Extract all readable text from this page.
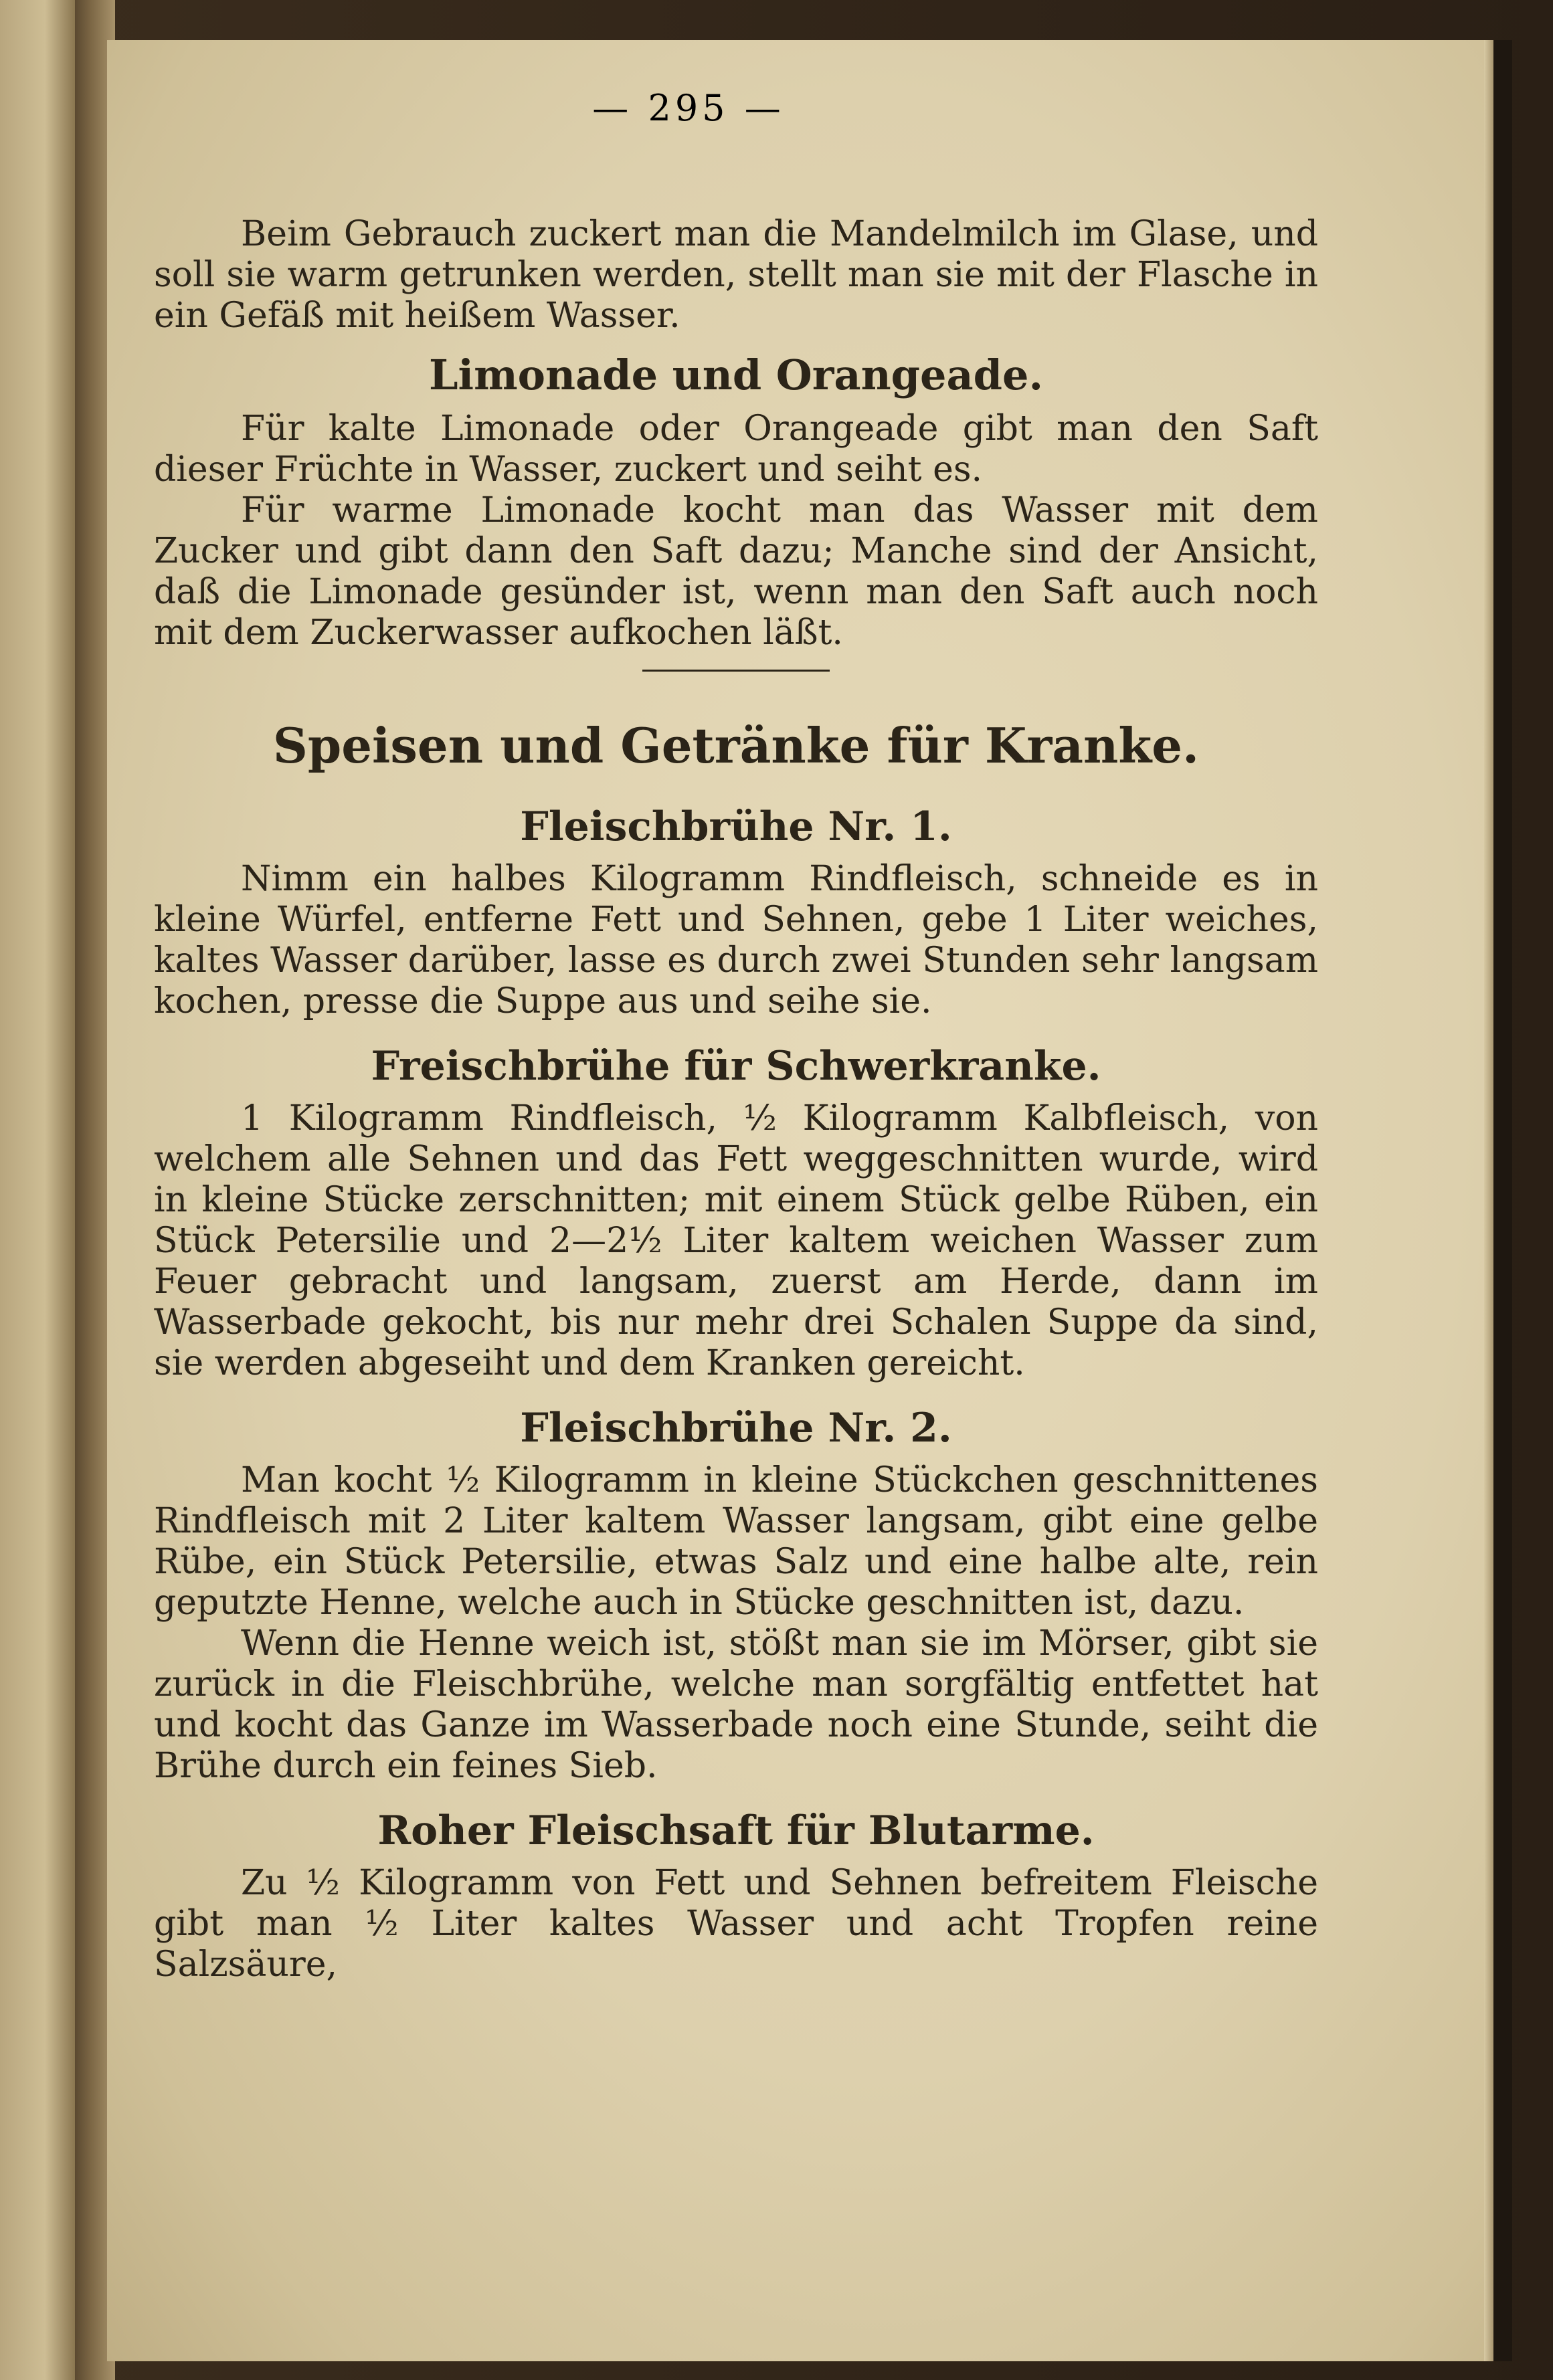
— 295 —

Beim Gebrauch zuckert man die Mandelmilch im Glase, und soll sie warm getrunken werden, stellt man sie mit der Flasche in ein Gefäß mit heißem Wasser.

Limonade und Orangeade.

Für kalte Limonade oder Orangeade gibt man den Saft dieser Früchte in Wasser, zuckert und seiht es.

Für warme Limonade kocht man das Wasser mit dem Zucker und gibt dann den Saft dazu; Manche sind der Ansicht, daß die Limonade gesünder ist, wenn man den Saft auch noch mit dem Zuckerwasser aufkochen läßt.

Speisen und Getränke für Kranke.
Fleischbrühe Nr. 1.

Nimm ein halbes Kilogramm Rindfleisch, schneide es in kleine Würfel, entferne Fett und Sehnen, gebe 1 Liter weiches, kaltes Wasser darüber, lasse es durch zwei Stunden sehr langsam kochen, presse die Suppe aus und seihe sie.

Freischbrühe für Schwerkranke.

1 Kilogramm Rindfleisch, ½ Kilogramm Kalbfleisch, von welchem alle Sehnen und das Fett weggeschnitten wurde, wird in kleine Stücke zerschnitten; mit einem Stück gelbe Rüben, ein Stück Petersilie und 2—2½ Liter kaltem weichen Wasser zum Feuer gebracht und langsam, zuerst am Herde, dann im Wasserbade gekocht, bis nur mehr drei Schalen Suppe da sind, sie werden abgeseiht und dem Kranken gereicht.

Fleischbrühe Nr. 2.

Man kocht ½ Kilogramm in kleine Stückchen geschnittenes Rindfleisch mit 2 Liter kaltem Wasser langsam, gibt eine gelbe Rübe, ein Stück Petersilie, etwas Salz und eine halbe alte, rein geputzte Henne, welche auch in Stücke geschnitten ist, dazu.

Wenn die Henne weich ist, stößt man sie im Mörser, gibt sie zurück in die Fleischbrühe, welche man sorgfältig entfettet hat und kocht das Ganze im Wasserbade noch eine Stunde, seiht die Brühe durch ein feines Sieb.

Roher Fleischsaft für Blutarme.

Zu ½ Kilogramm von Fett und Sehnen befreitem Fleische gibt man ½ Liter kaltes Wasser und acht Tropfen reine Salzsäure,
